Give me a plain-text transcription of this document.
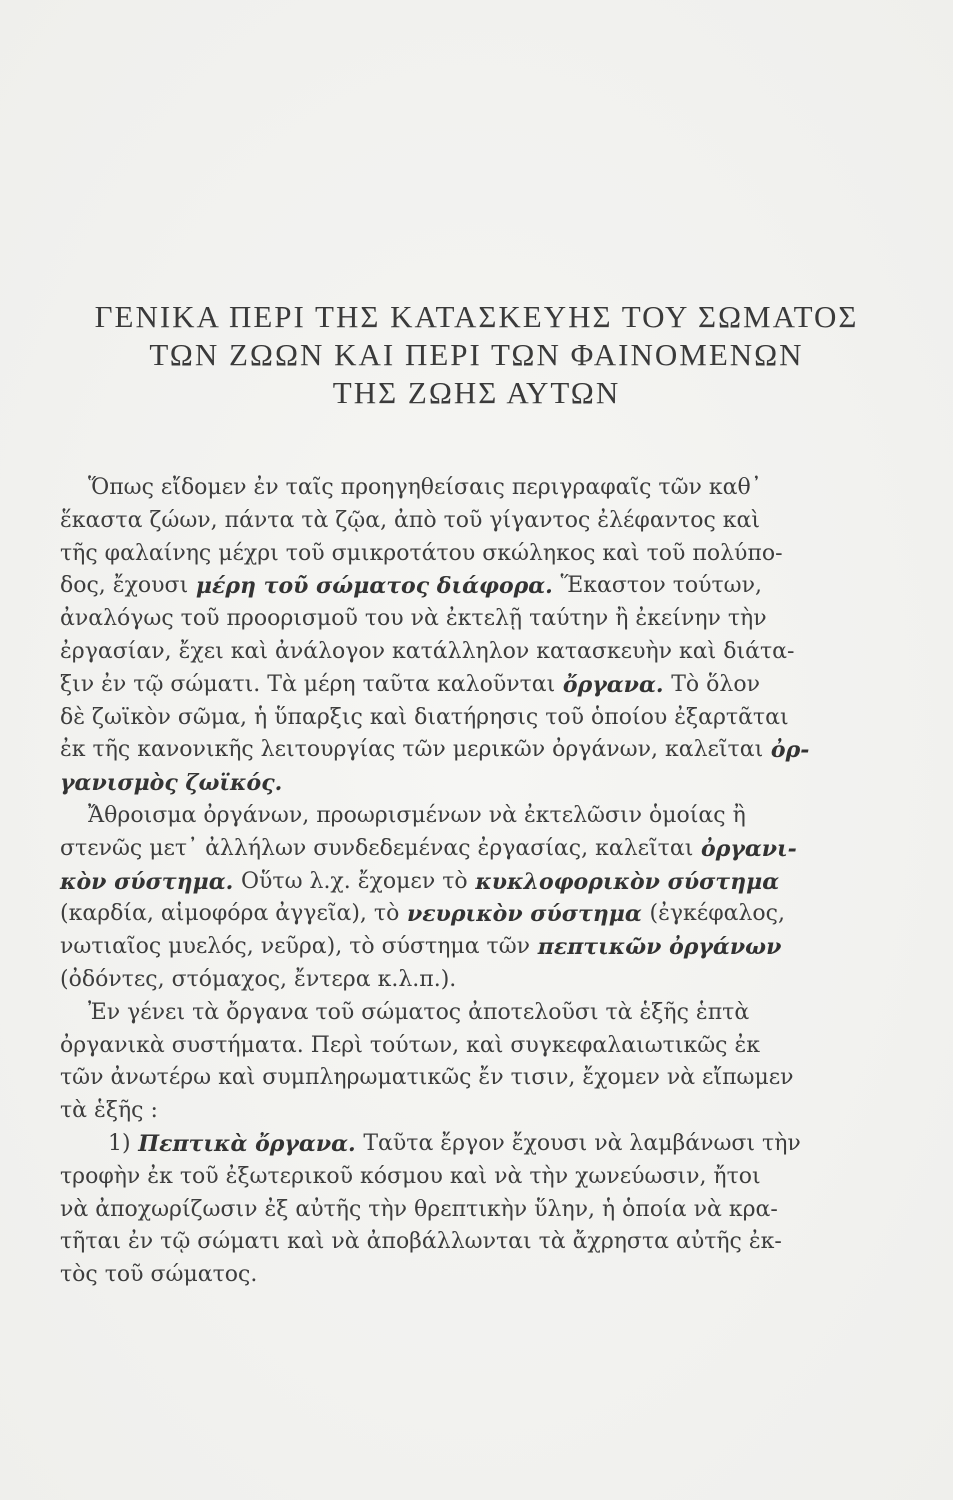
ΓΕΝΙΚΑ ΠΕΡΙ ΤΗΣ ΚΑΤΑΣΚΕΥΗΣ ΤΟΥ ΣΩΜΑΤΟΣ
ΤΩΝ ΖΩΩΝ ΚΑΙ ΠΕΡΙ ΤΩΝ ΦΑΙΝΟΜΕΝΩΝ
ΤΗΣ ΖΩΗΣ ΑΥΤΩΝ
Ὅπως εἴδομεν ἐν ταῖς προηγηθείσαις περιγραφαῖς τῶν καθ᾽
ἕκαστα ζώων, πάντα τὰ ζῷα, ἀπὸ τοῦ γίγαντος ἐλέφαντος καὶ
τῆς φαλαίνης μέχρι τοῦ σμικροτάτου σκώληκος καὶ τοῦ πολύπο-
δος, ἔχουσι μέρη τοῦ σώματος διάφορα. Ἕκαστον τούτων,
ἀναλόγως τοῦ προορισμοῦ του νὰ ἐκτελῇ ταύτην ἢ ἐκείνην τὴν
ἐργασίαν, ἔχει καὶ ἀνάλογον κατάλληλον κατασκευὴν καὶ διάτα-
ξιν ἐν τῷ σώματι. Τὰ μέρη ταῦτα καλοῦνται ὄργανα. Τὸ ὅλον
δὲ ζωϊκὸν σῶμα, ἡ ὕπαρξις καὶ διατήρησις τοῦ ὁποίου ἐξαρτᾶται
ἐκ τῆς κανονικῆς λειτουργίας τῶν μερικῶν ὀργάνων, καλεῖται ὀρ-
γανισμὸς ζωϊκός.
Ἄθροισμα ὀργάνων, προωρισμένων νὰ ἐκτελῶσιν ὁμοίας ἢ
στενῶς μετ᾽ ἀλλήλων συνδεδεμένας ἐργασίας, καλεῖται ὀργανι-
κὸν σύστημα. Οὕτω λ.χ. ἔχομεν τὸ κυκλοφορικὸν σύστημα
(καρδία, αἱμοφόρα ἀγγεῖα), τὸ νευρικὸν σύστημα (ἐγκέφαλος,
νωτιαῖος μυελός, νεῦρα), τὸ σύστημα τῶν πεπτικῶν ὀργάνων
(ὀδόντες, στόμαχος, ἔντερα κ.λ.π.).
Ἐν γένει τὰ ὄργανα τοῦ σώματος ἀποτελοῦσι τὰ ἑξῆς ἑπτὰ
ὀργανικὰ συστήματα. Περὶ τούτων, καὶ συγκεφαλαιωτικῶς ἐκ
τῶν ἀνωτέρω καὶ συμπληρωματικῶς ἔν τισιν, ἔχομεν νὰ εἴπωμεν
τὰ ἑξῆς :
1) Πεπτικὰ ὄργανα. Ταῦτα ἔργον ἔχουσι νὰ λαμβάνωσι τὴν
τροφὴν ἐκ τοῦ ἐξωτερικοῦ κόσμου καὶ νὰ τὴν χωνεύωσιν, ἤτοι
νὰ ἀποχωρίζωσιν ἐξ αὐτῆς τὴν θρεπτικὴν ὕλην, ἡ ὁποία νὰ κρα-
τῆται ἐν τῷ σώματι καὶ νὰ ἀποβάλλωνται τὰ ἄχρηστα αὐτῆς ἐκ-
τὸς τοῦ σώματος.
